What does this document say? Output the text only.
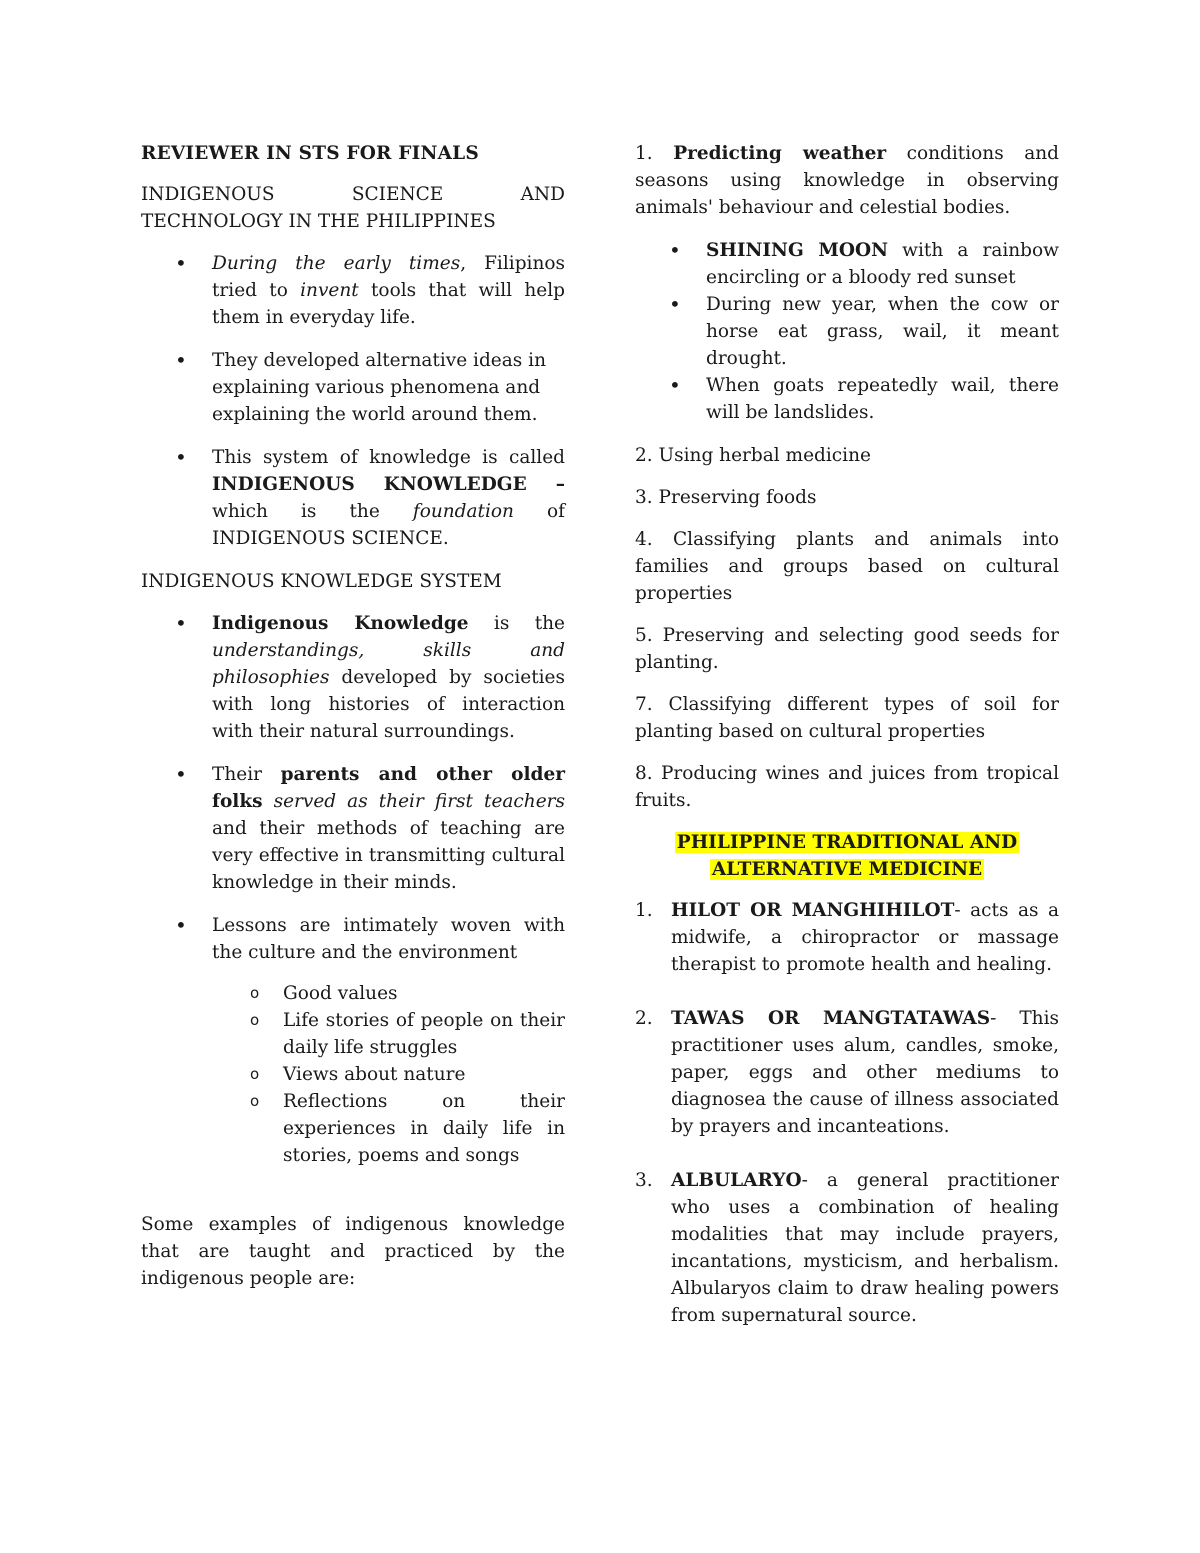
REVIEWER IN STS FOR FINALS

INDIGENOUS	SCIENCE	AND
TECHNOLOGY IN THE PHILIPPINES
• During the early times, Filipinos tried to invent tools that will help them in everyday life.
• They developed alternative ideas in explaining various phenomena and explaining the world around them.
• This system of knowledge is called INDIGENOUS KNOWLEDGE – which is the foundation of INDIGENOUS SCIENCE.

INDIGENOUS KNOWLEDGE SYSTEM

• Indigenous Knowledge is the understandings, skills and philosophies developed by societies with long histories of interaction with their natural surroundings.
• Their parents and other older folks served as their first teachers and their methods of teaching are very effective in transmitting cultural knowledge in their minds.
• Lessons are intimately woven with the culture and the environment
o Good values
o Life stories of people on their daily life struggles
o Views about nature
o Reflections on their experiences in daily life in stories, poems and songs

Some examples of indigenous knowledge that are taught and practiced by the indigenous people are:

1. Predicting weather conditions and seasons using knowledge in observing animals' behaviour and celestial bodies.

• SHINING MOON with a rainbow encircling or a bloody red sunset
• During new year, when the cow or horse eat grass, wail, it meant drought.
• When goats repeatedly wail, there will be landslides.

2. Using herbal medicine

3. Preserving foods

4. Classifying plants and animals into families and groups based on cultural properties

5. Preserving and selecting good seeds for planting.

7. Classifying different types of soil for planting based on cultural properties

8. Producing wines and juices from tropical fruits.

PHILIPPINE TRADITIONAL AND
ALTERNATIVE MEDICINE
1. HILOT OR MANGHIHILOT- acts as a midwife, a chiropractor or massage therapist to promote health and healing.
2. TAWAS OR MANGTATAWAS- This practitioner uses alum, candles, smoke, paper, eggs and other mediums to diagnosea the cause of illness associated by prayers and incanteations.
3. ALBULARYO- a general practitioner who uses a combination of healing modalities that may include prayers, incantations, mysticism, and herbalism. Albularyos claim to draw healing powers from supernatural source.
